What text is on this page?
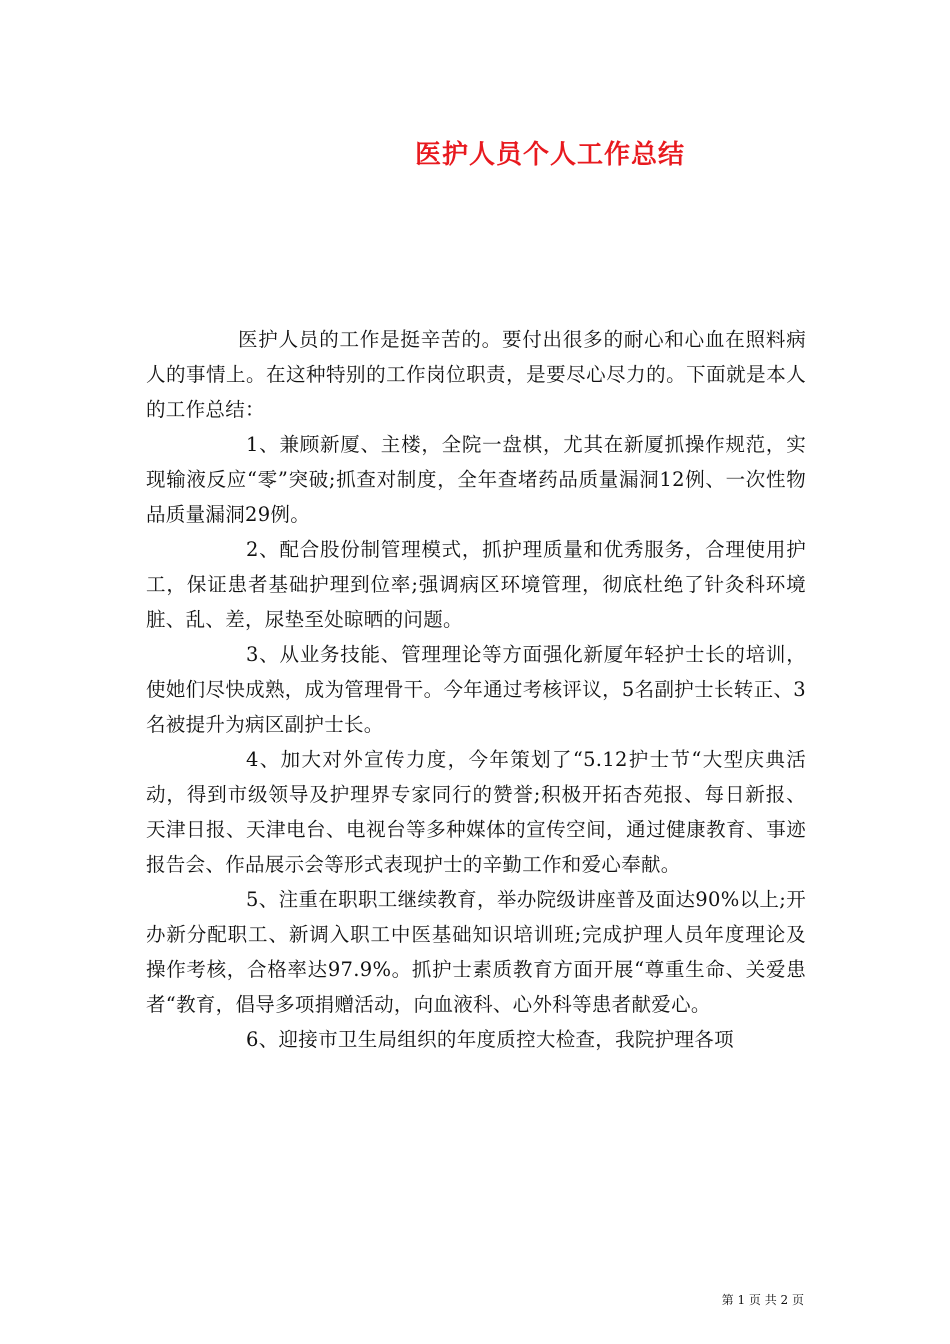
医护人员个人工作总结

医护人员的工作是挺辛苦的。要付出很多的耐心和心血在照料病人的事情上。在这种特别的工作岗位职责，是要尽心尽力的。下面就是本人的工作总结：

1、兼顾新厦、主楼，全院一盘棋，尤其在新厦抓操作规范，实现输液反应“零”突破;抓查对制度，全年查堵药品质量漏洞12例、一次性物品质量漏洞29例。

2、配合股份制管理模式，抓护理质量和优秀服务，合理使用护工，保证患者基础护理到位率;强调病区环境管理，彻底杜绝了针灸科环境脏、乱、差，尿垫至处晾晒的问题。

3、从业务技能、管理理论等方面强化新厦年轻护士长的培训，使她们尽快成熟，成为管理骨干。今年通过考核评议，5名副护士长转正、3名被提升为病区副护士长。

4、加大对外宣传力度，今年策划了“5.12护士节“大型庆典活动，得到市级领导及护理界专家同行的赞誉;积极开拓杏苑报、每日新报、天津日报、天津电台、电视台等多种媒体的宣传空间，通过健康教育、事迹报告会、作品展示会等形式表现护士的辛勤工作和爱心奉献。

5、注重在职职工继续教育，举办院级讲座普及面达90%以上;开办新分配职工、新调入职工中医基础知识培训班;完成护理人员年度理论及操作考核，合格率达97.9%。抓护士素质教育方面开展“尊重生命、关爱患者“教育，倡导多项捐赠活动，向血液科、心外科等患者献爱心。

6、迎接市卫生局组织的年度质控大检查，我院护理各项

第 1 页 共 2 页
